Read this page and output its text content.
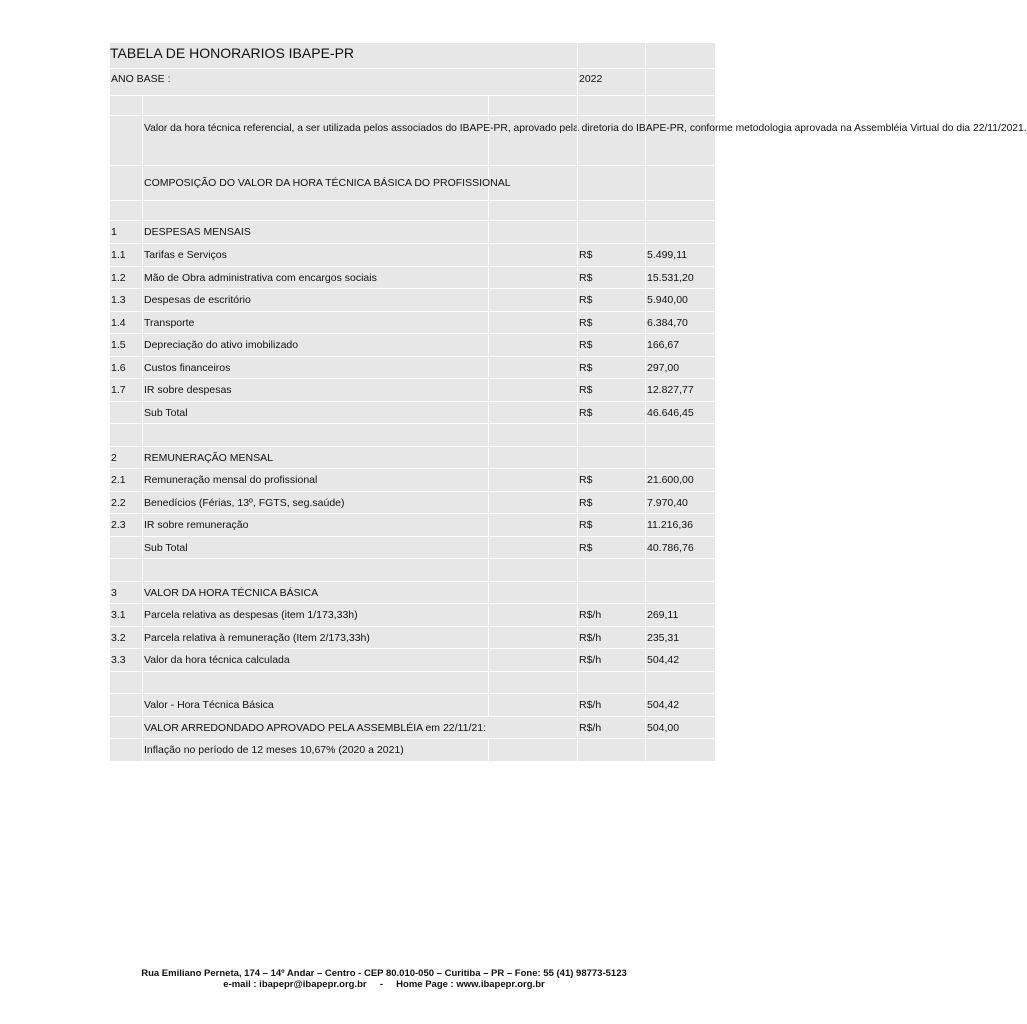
TABELA DE HONORARIOS IBAPE-PR
ANO BASE :	2022
Valor da hora técnica referencial, a ser utilizada pelos associados do IBAPE-PR, aprovado pela diretoria do IBAPE-PR, conforme metodologia aprovada na Assembléia Virtual do dia 22/11/2021.
COMPOSIÇÃO DO VALOR DA HORA TÉCNICA BÁSICA DO PROFISSIONAL
1	DESPESAS MENSAIS
1.1	Tarifas e Serviços	R$	5.499,11
1.2	Mão de Obra administrativa com encargos sociais	R$	15.531,20
1.3	Despesas de escritório	R$	5.940,00
1.4	Transporte	R$	6.384,70
1.5	Depreciação do ativo imobilizado	R$	166,67
1.6	Custos financeiros	R$	297,00
1.7	IR sobre despesas	R$	12.827,77
Sub Total	R$	46.646,45
2	REMUNERAÇÃO MENSAL
2.1	Remuneração mensal do profissional	R$	21.600,00
2.2	Benedícios (Férias, 13º, FGTS, seg.saúde)	R$	7.970,40
2.3	IR sobre remuneração	R$	11.216,36
Sub Total	R$	40.786,76
3	VALOR DA HORA TÉCNICA BÁSICA
3.1	Parcela relativa as despesas (item 1/173,33h)	R$/h	269,11
3.2	Parcela relativa à remuneração (Item 2/173,33h)	R$/h	235,31
3.3	Valor da hora técnica calculada	R$/h	504,42
Valor - Hora Técnica Básica	R$/h	504,42
VALOR ARREDONDADO APROVADO PELA ASSEMBLÉIA em 22/11/21:	R$/h	504,00
Inflação no período de 12 meses 10,67% (2020 a 2021)
Rua Emiliano Perneta, 174 – 14º Andar – Centro - CEP 80.010-050 – Curitiba – PR – Fone: 55 (41) 98773-5123
e-mail : ibapepr@ibapepr.org.br     -     Home Page : www.ibapepr.org.br
